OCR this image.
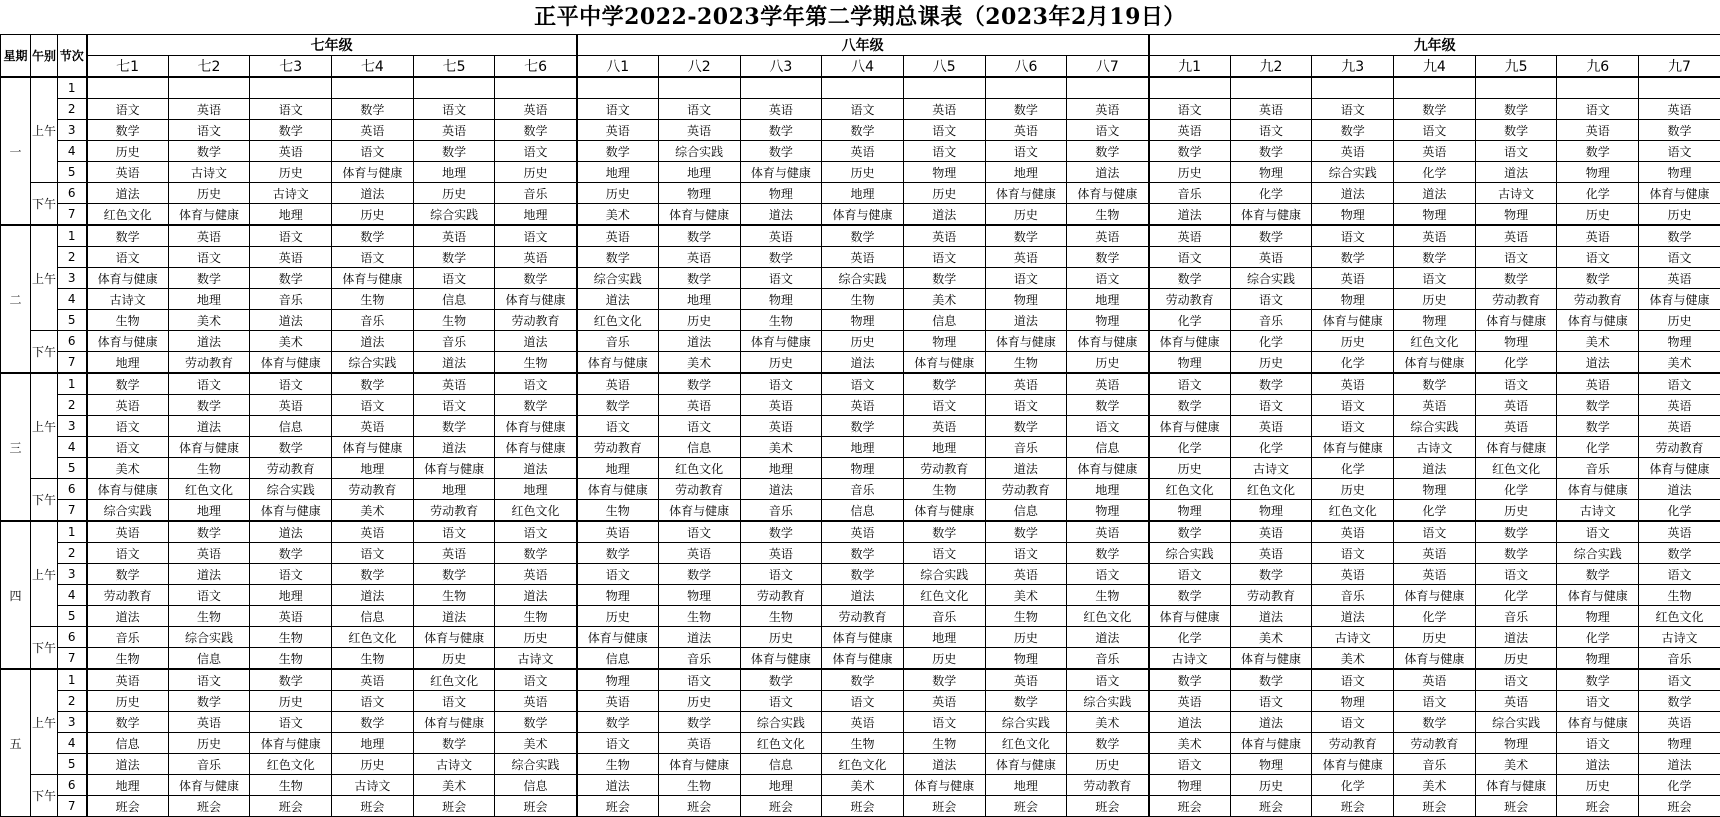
正平中学2022-2023学年第二学期总课表（2023年2月19日）
星期	午别	节次	七年级						八年级							九年级						
			七1	七2	七3	七4	七5	七6	八1	八2	八3	八4	八5	八6	八7	九1	九2	九3	九4	九5	九6	九7
一	上午	1																				
		2	语文	英语	语文	数学	语文	英语	语文	语文	英语	语文	英语	数学	英语	语文	英语	语文	数学	数学	语文	英语
		3	数学	语文	数学	英语	英语	数学	英语	英语	数学	数学	语文	英语	语文	英语	语文	数学	语文	数学	英语	数学
		4	历史	数学	英语	语文	数学	语文	数学	综合实践	数学	英语	语文	语文	数学	数学	数学	英语	英语	语文	数学	语文
		5	英语	古诗文	历史	体育与健康	地理	历史	地理	地理	体育与健康	历史	物理	地理	道法	历史	物理	综合实践	化学	道法	物理	物理
	下午	6	道法	历史	古诗文	道法	历史	音乐	历史	物理	物理	地理	历史	体育与健康	体育与健康	音乐	化学	道法	道法	古诗文	化学	体育与健康
		7	红色文化	体育与健康	地理	历史	综合实践	地理	美术	体育与健康	道法	体育与健康	道法	历史	生物	道法	体育与健康	物理	物理	物理	历史	历史
二	上午	1	数学	英语	语文	数学	英语	语文	英语	数学	英语	数学	英语	数学	英语	英语	数学	语文	英语	英语	英语	数学
		2	语文	语文	英语	语文	数学	英语	数学	英语	数学	英语	语文	英语	数学	语文	英语	数学	数学	语文	语文	语文
		3	体育与健康	数学	数学	体育与健康	语文	数学	综合实践	数学	语文	综合实践	数学	语文	语文	数学	综合实践	英语	语文	数学	数学	英语
		4	古诗文	地理	音乐	生物	信息	体育与健康	道法	地理	物理	生物	美术	物理	地理	劳动教育	语文	物理	历史	劳动教育	劳动教育	体育与健康
		5	生物	美术	道法	音乐	生物	劳动教育	红色文化	历史	生物	物理	信息	道法	物理	化学	音乐	体育与健康	物理	体育与健康	体育与健康	历史
	下午	6	体育与健康	道法	美术	道法	音乐	道法	音乐	道法	体育与健康	历史	物理	体育与健康	体育与健康	体育与健康	化学	历史	红色文化	物理	美术	物理
		7	地理	劳动教育	体育与健康	综合实践	道法	生物	体育与健康	美术	历史	道法	体育与健康	生物	历史	物理	历史	化学	体育与健康	化学	道法	美术
三	上午	1	数学	语文	语文	数学	英语	语文	英语	数学	语文	语文	数学	英语	英语	语文	数学	英语	数学	语文	英语	语文
		2	英语	数学	英语	语文	语文	数学	数学	英语	英语	英语	语文	语文	数学	数学	语文	语文	英语	英语	数学	英语
		3	语文	道法	信息	英语	数学	体育与健康	语文	语文	英语	数学	英语	数学	语文	体育与健康	英语	语文	综合实践	英语	数学	英语
		4	语文	体育与健康	数学	体育与健康	道法	体育与健康	劳动教育	信息	美术	地理	地理	音乐	信息	化学	化学	体育与健康	古诗文	体育与健康	化学	劳动教育
		5	美术	生物	劳动教育	地理	体育与健康	道法	地理	红色文化	地理	物理	劳动教育	道法	体育与健康	历史	古诗文	化学	道法	红色文化	音乐	体育与健康
	下午	6	体育与健康	红色文化	综合实践	劳动教育	地理	地理	体育与健康	劳动教育	道法	音乐	生物	劳动教育	地理	红色文化	红色文化	历史	物理	化学	体育与健康	道法
		7	综合实践	地理	体育与健康	美术	劳动教育	红色文化	生物	体育与健康	音乐	信息	体育与健康	信息	物理	物理	物理	红色文化	化学	历史	古诗文	化学
四	上午	1	英语	数学	道法	英语	语文	语文	英语	语文	数学	英语	数学	数学	英语	数学	英语	英语	语文	数学	语文	英语
		2	语文	英语	数学	语文	英语	数学	数学	英语	英语	数学	语文	语文	数学	综合实践	英语	语文	英语	数学	综合实践	数学
		3	数学	道法	语文	数学	数学	英语	语文	数学	语文	数学	综合实践	英语	语文	语文	数学	英语	英语	语文	数学	语文
		4	劳动教育	语文	地理	道法	生物	道法	物理	物理	劳动教育	道法	红色文化	美术	生物	数学	劳动教育	音乐	体育与健康	化学	体育与健康	生物
		5	道法	生物	英语	信息	道法	生物	历史	生物	生物	劳动教育	音乐	生物	红色文化	体育与健康	道法	道法	化学	音乐	物理	红色文化
	下午	6	音乐	综合实践	生物	红色文化	体育与健康	历史	体育与健康	道法	历史	体育与健康	地理	历史	道法	化学	美术	古诗文	历史	道法	化学	古诗文
		7	生物	信息	生物	生物	历史	古诗文	信息	音乐	体育与健康	体育与健康	历史	物理	音乐	古诗文	体育与健康	美术	体育与健康	历史	物理	音乐
五	上午	1	英语	语文	数学	英语	红色文化	语文	物理	语文	数学	数学	数学	英语	语文	数学	数学	语文	英语	语文	数学	语文
		2	历史	数学	历史	语文	语文	英语	英语	历史	语文	语文	英语	数学	综合实践	英语	语文	物理	语文	英语	语文	数学
		3	数学	英语	语文	数学	体育与健康	数学	数学	数学	综合实践	英语	语文	综合实践	美术	道法	道法	语文	数学	综合实践	体育与健康	英语
		4	信息	历史	体育与健康	地理	数学	美术	语文	英语	红色文化	生物	生物	红色文化	数学	美术	体育与健康	劳动教育	劳动教育	物理	语文	物理
		5	道法	音乐	红色文化	历史	古诗文	综合实践	生物	体育与健康	信息	红色文化	道法	体育与健康	历史	语文	物理	体育与健康	音乐	美术	道法	道法
	下午	6	地理	体育与健康	生物	古诗文	美术	信息	道法	生物	地理	美术	体育与健康	地理	劳动教育	物理	历史	化学	美术	体育与健康	历史	化学
		7	班会	班会	班会	班会	班会	班会	班会	班会	班会	班会	班会	班会	班会	班会	班会	班会	班会	班会	班会	班会
